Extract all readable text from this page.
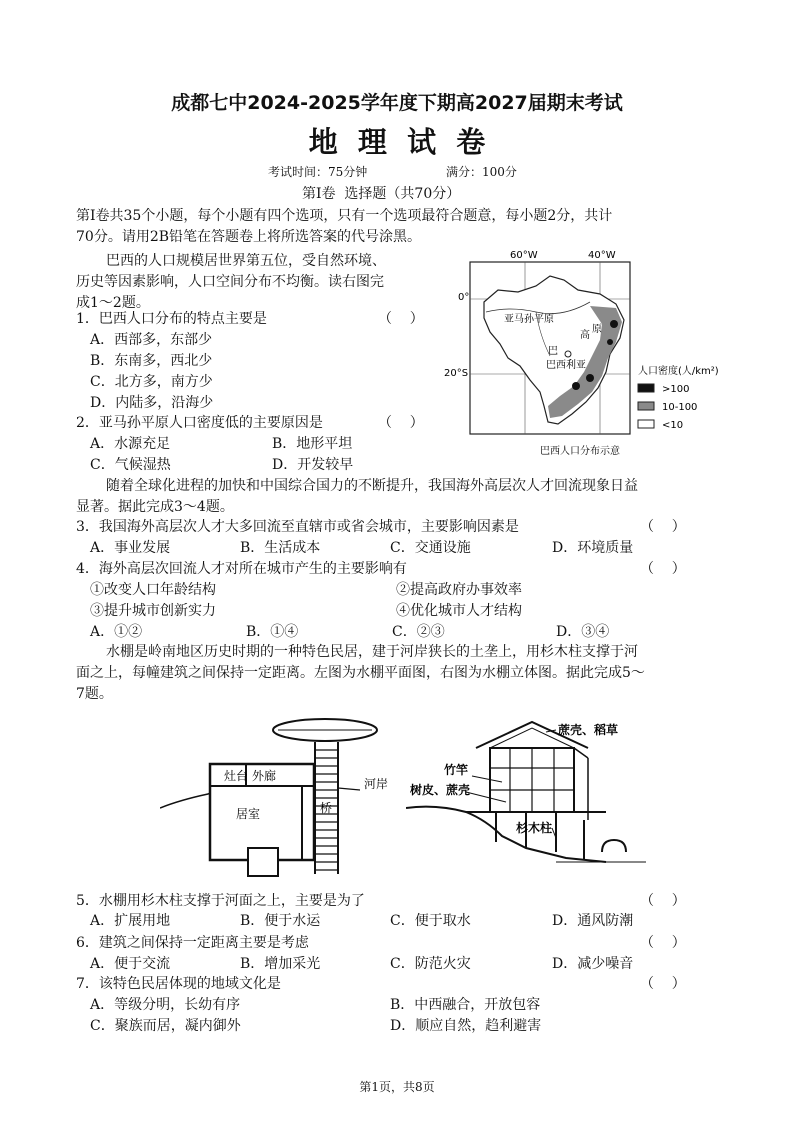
成都七中2024-2025学年度下期高2027届期末考试
地  理  试  卷
考试时间：75分钟	满分：100分
第Ⅰ卷  选择题（共70分）
第Ⅰ卷共35个小题，每个小题有四个选项，只有一个选项最符合题意，每小题2分，共计
70分。请用2B铅笔在答题卷上将所选答案的代号涂黑。
巴西的人口规模居世界第五位，受自然环境、
历史等因素影响，人口空间分布不均衡。读右图完
成1～2题。
1．巴西人口分布的特点主要是	（    ）
A．西部多，东部少
B．东南多，西北少
C．北方多，南方少
D．内陆多，沿海少
2．亚马孙平原人口密度低的主要原因是	（    ）
A．水源充足	B．地形平坦
C．气候湿热	D．开发较早
60°W	40°W
0°
20°S
亚马孙平原
高
原
巴
巴西利亚
巴西人口分布示意
人口密度(人/km²)
>100
10-100
<10
随着全球化进程的加快和中国综合国力的不断提升，我国海外高层次人才回流现象日益
显著。据此完成3～4题。
3．我国海外高层次人才大多回流至直辖市或省会城市，主要影响因素是	（    ）
A．事业发展	B．生活成本	C．交通设施	D．环境质量
4．海外高层次回流人才对所在城市产生的主要影响有	（    ）
①改变人口年龄结构	②提高政府办事效率
③提升城市创新实力	④优化城市人才结构
A．①②	B．①④	C．②③	D．③④
水棚是岭南地区历史时期的一种特色民居，建于河岸狭长的土垄上，用杉木柱支撑于河
面之上，每幢建筑之间保持一定距离。左图为水棚平面图，右图为水棚立体图。据此完成5～
7题。
灶台 外廊
河岸
居室	桥
蔗壳、稻草
竹竿
树皮、蔗壳
杉木柱
5．水棚用杉木柱支撑于河面之上，主要是为了	（    ）
A．扩展用地	B．便于水运	C．便于取水	D．通风防潮
6．建筑之间保持一定距离主要是考虑	（    ）
A．便于交流	B．增加采光	C．防范火灾	D．减少噪音
7．该特色民居体现的地域文化是	（    ）
A．等级分明，长幼有序	B．中西融合，开放包容
C．聚族而居，凝内御外	D．顺应自然，趋利避害
第1页，共8页
